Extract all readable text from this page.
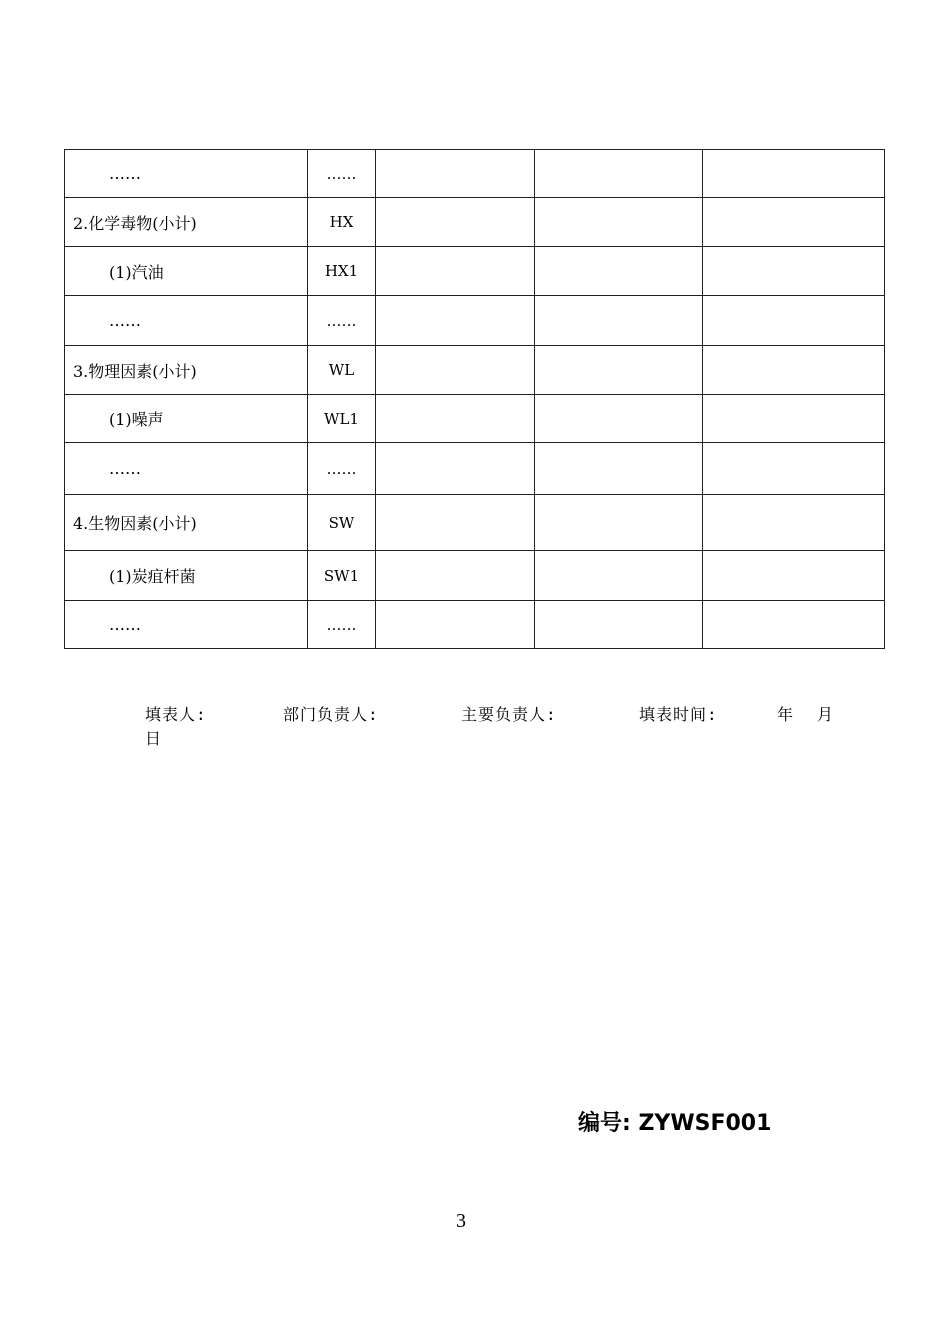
……	……			
2.化学毒物(小计)	HX			
(1)汽油	HX1			
……	……			
3.物理因素(小计)	WL			
(1)噪声	WL1			
……	……			
4.生物因素(小计)	SW			
(1)炭疽杆菌	SW1			
……	……			
填表人:	部门负责人:	主要负责人:	填表时间:	年 月
日
编号: ZYWSF001
3
